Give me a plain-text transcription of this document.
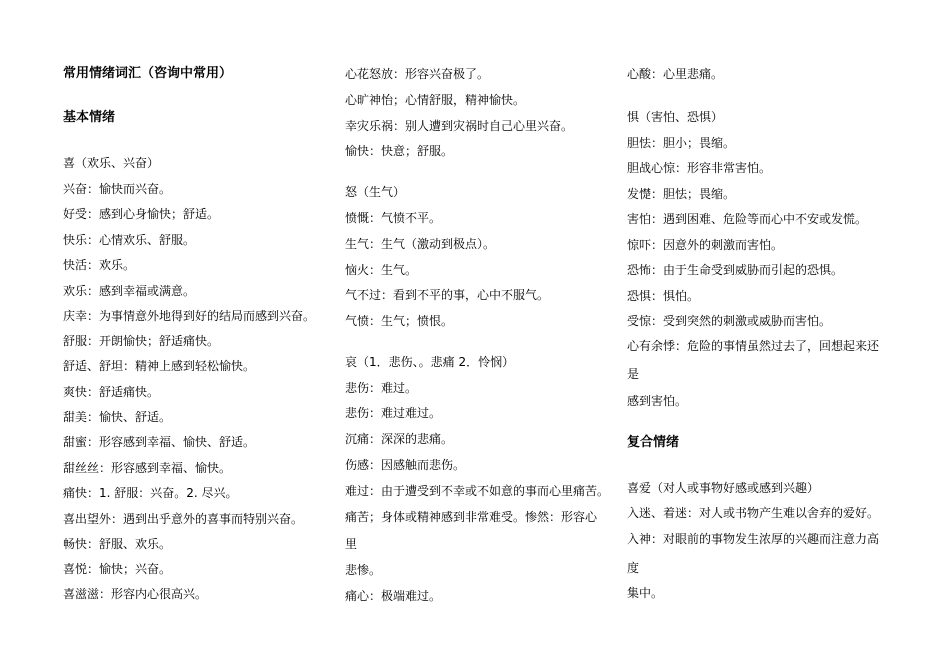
常用情绪词汇（咨询中常用）
基本情绪
喜（欢乐、兴奋）
兴奋：愉快而兴奋。
好受：感到心身愉快；舒适。
快乐：心情欢乐、舒服。
快活：欢乐。
欢乐：感到幸福或满意。
庆幸：为事情意外地得到好的结局而感到兴奋。
舒服：开朗愉快；舒适痛快。
舒适、舒坦：精神上感到轻松愉快。
爽快：舒适痛快。
甜美：愉快、舒适。
甜蜜：形容感到幸福、愉快、舒适。
甜丝丝：形容感到幸福、愉快。
痛快：1. 舒服：兴奋。2. 尽兴。
喜出望外：遇到出乎意外的喜事而特别兴奋。
畅快：舒服、欢乐。
喜悦：愉快；兴奋。
喜滋滋：形容内心很高兴。
心花怒放：形容兴奋极了。
心旷神怡；心情舒服，精神愉快。
幸灾乐祸：别人遭到灾祸时自己心里兴奋。
愉快：快意；舒服。
怒（生气）
愤慨：气愤不平。
生气：生气（激动到极点）。
恼火：生气。
气不过：看到不平的事，心中不服气。
气愤：生气；愤恨。
哀（1．悲伤、。悲痛 2．怜悯）
悲伤：难过。
悲伤：难过难过。
沉痛：深深的悲痛。
伤感：因感触而悲伤。
难过：由于遭受到不幸或不如意的事而心里痛苦。
痛苦；身体或精神感到非常难受。惨然：形容心
里
悲惨。
痛心：极端难过。
心酸：心里悲痛。
惧（害怕、恐惧）
胆怯：胆小；畏缩。
胆战心惊：形容非常害怕。
发憷：胆怯；畏缩。
害怕：遇到困难、危险等而心中不安或发慌。
惊吓：因意外的刺激而害怕。
恐怖：由于生命受到威胁而引起的恐惧。
恐惧：惧怕。
受惊：受到突然的刺激或威胁而害怕。
心有余悸：危险的事情虽然过去了，回想起来还
是
感到害怕。
复合情绪
喜爱（对人或事物好感或感到兴趣）
入迷、着迷：对人或书物产生难以舍弃的爱好。
入神：对眼前的事物发生浓厚的兴趣而注意力高
度
集中。
